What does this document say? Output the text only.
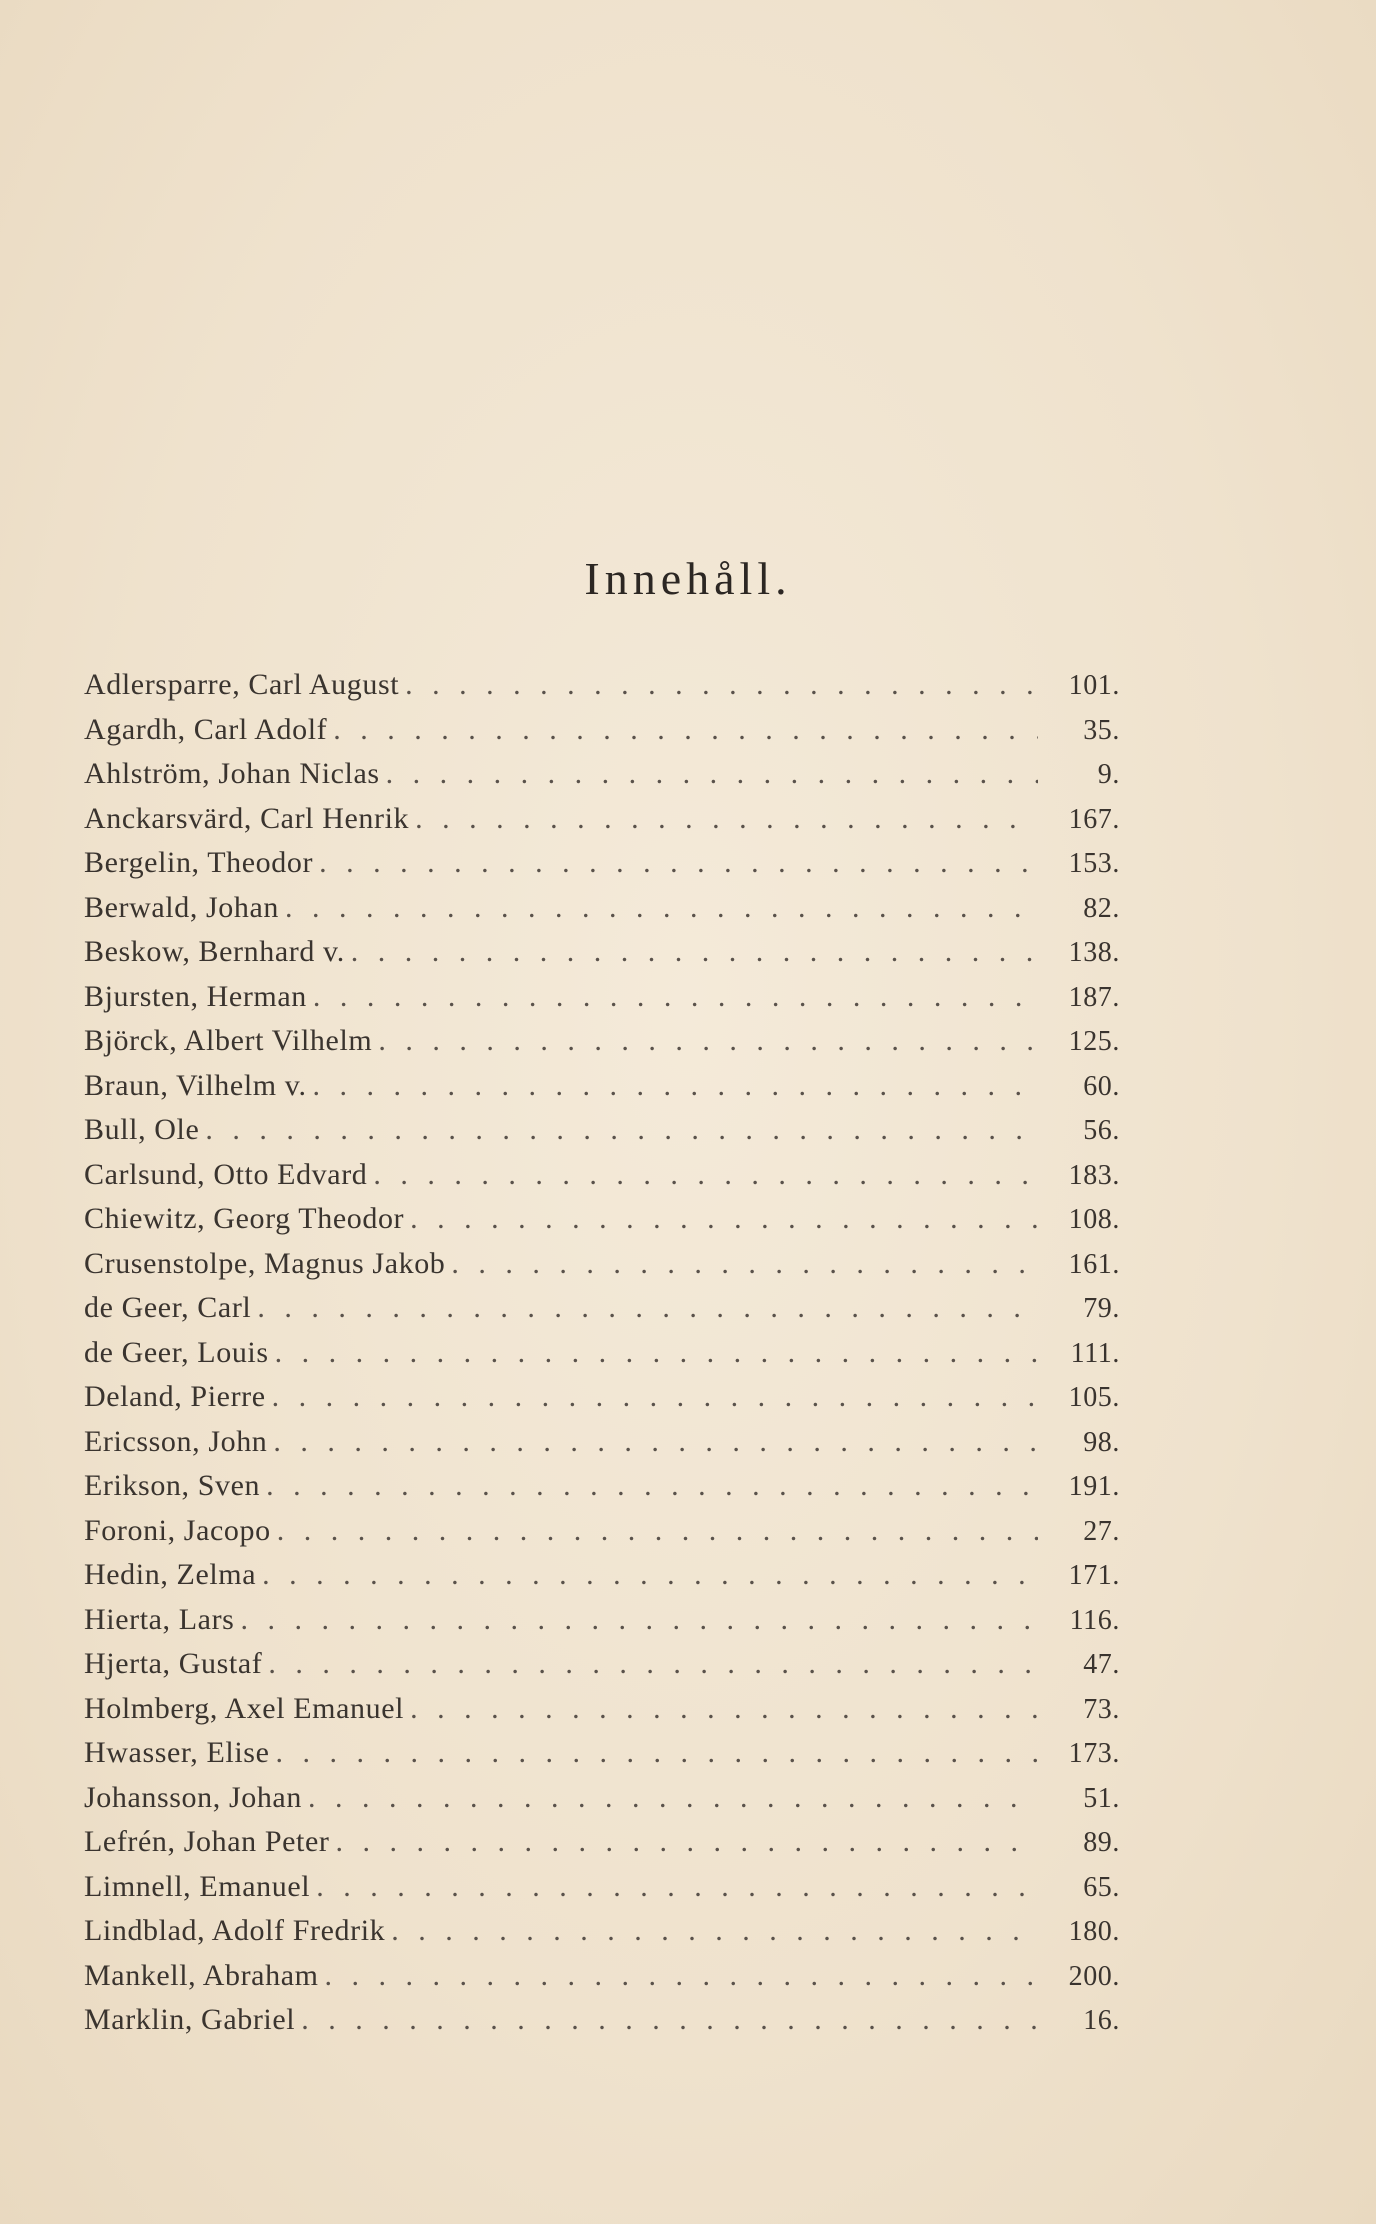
Innehåll.
Adlersparre, Carl August . . .	101.
Agardh, Carl Adolf . . .	35.
Ahlström, Johan Niclas . . .	9.
Anckarsvärd, Carl Henrik . . .	167.
Bergelin, Theodor . . .	153.
Berwald, Johan . . .	82.
Beskow, Bernhard v. . . .	138.
Bjursten, Herman . . .	187.
Björck, Albert Vilhelm . . .	125.
Braun, Vilhelm v. . . .	60.
Bull, Ole . . .	56.
Carlsund, Otto Edvard . . .	183.
Chiewitz, Georg Theodor . . .	108.
Crusenstolpe, Magnus Jakob . . .	161.
de Geer, Carl . . .	79.
de Geer, Louis . . .	111.
Deland, Pierre . . .	105.
Ericsson, John . . .	98.
Erikson, Sven . . .	191.
Foroni, Jacopo . . .	27.
Hedin, Zelma . . .	171.
Hierta, Lars . . .	116.
Hjerta, Gustaf . . .	47.
Holmberg, Axel Emanuel . . .	73.
Hwasser, Elise . . .	173.
Johansson, Johan . . .	51.
Lefrén, Johan Peter . . .	89.
Limnell, Emanuel . . .	65.
Lindblad, Adolf Fredrik . . .	180.
Mankell, Abraham . . .	200.
Marklin, Gabriel . . .	16.
